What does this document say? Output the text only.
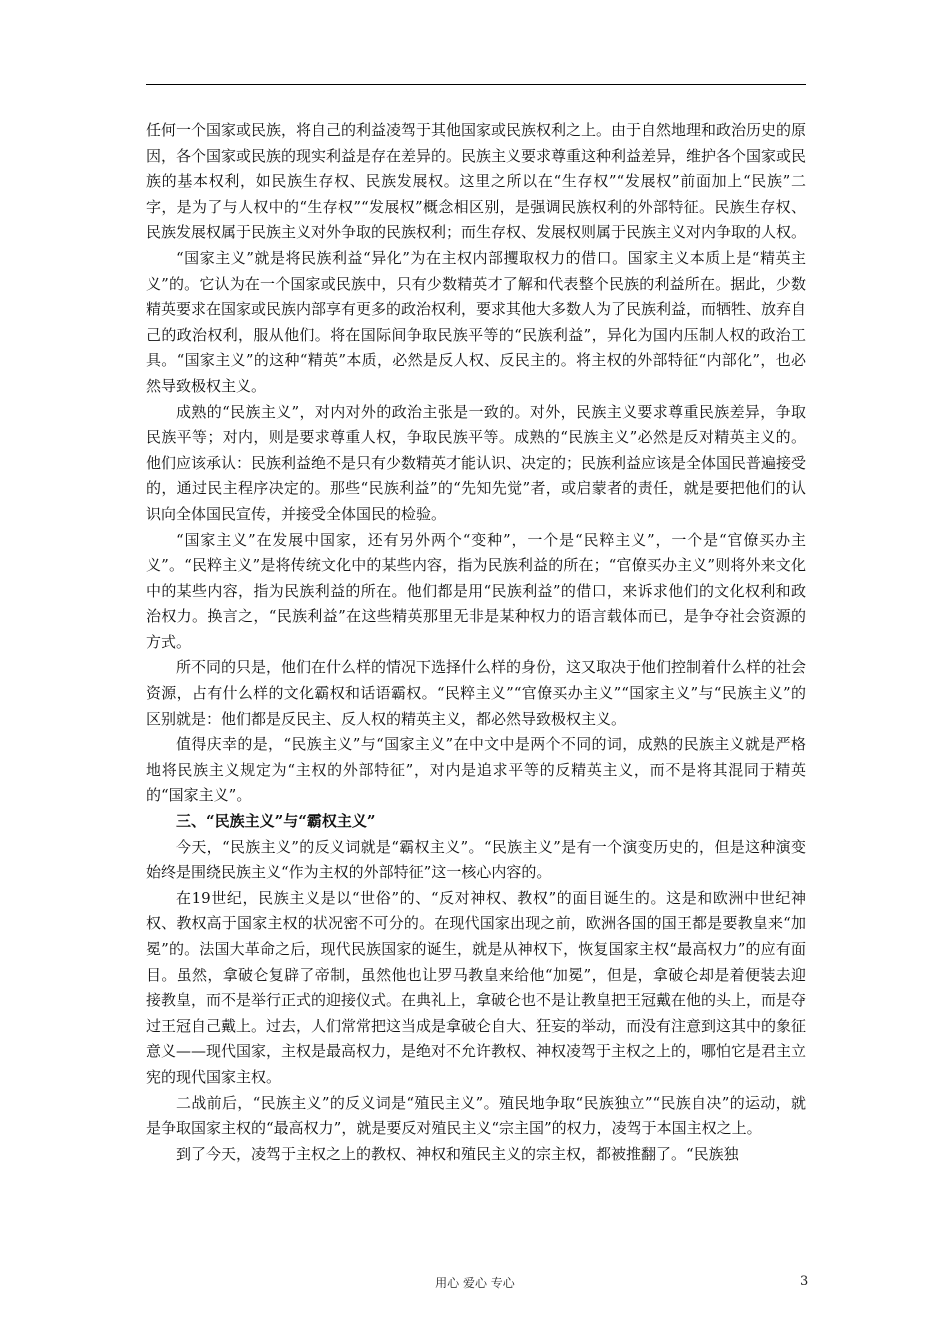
任何一个国家或民族，将自己的利益凌驾于其他国家或民族权利之上。由于自然地理和政治历史的原因，各个国家或民族的现实利益是存在差异的。民族主义要求尊重这种利益差异，维护各个国家或民族的基本权利，如民族生存权、民族发展权。这里之所以在“生存权”“发展权”前面加上“民族”二字，是为了与人权中的“生存权”“发展权”概念相区别，是强调民族权利的外部特征。民族生存权、民族发展权属于民族主义对外争取的民族权利；而生存权、发展权则属于民族主义对内争取的人权。

“国家主义”就是将民族利益“异化”为在主权内部攫取权力的借口。国家主义本质上是“精英主义”的。它认为在一个国家或民族中，只有少数精英才了解和代表整个民族的利益所在。据此，少数精英要求在国家或民族内部享有更多的政治权利，要求其他大多数人为了民族利益，而牺牲、放弃自己的政治权利，服从他们。将在国际间争取民族平等的“民族利益”，异化为国内压制人权的政治工具。“国家主义”的这种“精英”本质，必然是反人权、反民主的。将主权的外部特征“内部化”，也必然导致极权主义。

成熟的“民族主义”，对内对外的政治主张是一致的。对外，民族主义要求尊重民族差异，争取民族平等；对内，则是要求尊重人权，争取民族平等。成熟的“民族主义”必然是反对精英主义的。他们应该承认：民族利益绝不是只有少数精英才能认识、决定的；民族利益应该是全体国民普遍接受的，通过民主程序决定的。那些“民族利益”的“先知先觉”者，或启蒙者的责任，就是要把他们的认识向全体国民宣传，并接受全体国民的检验。

“国家主义”在发展中国家，还有另外两个“变种”，一个是“民粹主义”，一个是“官僚买办主义”。“民粹主义”是将传统文化中的某些内容，指为民族利益的所在；“官僚买办主义”则将外来文化中的某些内容，指为民族利益的所在。他们都是用“民族利益”的借口，来诉求他们的文化权利和政治权力。换言之，“民族利益”在这些精英那里无非是某种权力的语言载体而已，是争夺社会资源的方式。

所不同的只是，他们在什么样的情况下选择什么样的身份，这又取决于他们控制着什么样的社会资源，占有什么样的文化霸权和话语霸权。“民粹主义”“官僚买办主义”“国家主义”与“民族主义”的区别就是：他们都是反民主、反人权的精英主义，都必然导致极权主义。

值得庆幸的是，“民族主义”与“国家主义”在中文中是两个不同的词，成熟的民族主义就是严格地将民族主义规定为“主权的外部特征”，对内是追求平等的反精英主义，而不是将其混同于精英的“国家主义”。

三、“民族主义”与“霸权主义”

今天，“民族主义”的反义词就是“霸权主义”。“民族主义”是有一个演变历史的，但是这种演变始终是围绕民族主义“作为主权的外部特征”这一核心内容的。

在19世纪，民族主义是以“世俗”的、“反对神权、教权”的面目诞生的。这是和欧洲中世纪神权、教权高于国家主权的状况密不可分的。在现代国家出现之前，欧洲各国的国王都是要教皇来“加冕”的。法国大革命之后，现代民族国家的诞生，就是从神权下，恢复国家主权“最高权力”的应有面目。虽然，拿破仑复辟了帝制，虽然他也让罗马教皇来给他“加冕”，但是，拿破仑却是着便装去迎接教皇，而不是举行正式的迎接仪式。在典礼上，拿破仑也不是让教皇把王冠戴在他的头上，而是夺过王冠自己戴上。过去，人们常常把这当成是拿破仑自大、狂妄的举动，而没有注意到这其中的象征意义——现代国家，主权是最高权力，是绝对不允许教权、神权凌驾于主权之上的，哪怕它是君主立宪的现代国家主权。

二战前后，“民族主义”的反义词是“殖民主义”。殖民地争取“民族独立”“民族自决”的运动，就是争取国家主权的“最高权力”，就是要反对殖民主义“宗主国”的权力，凌驾于本国主权之上。

到了今天，凌驾于主权之上的教权、神权和殖民主义的宗主权，都被推翻了。“民族独

用心 爱心 专心	3
